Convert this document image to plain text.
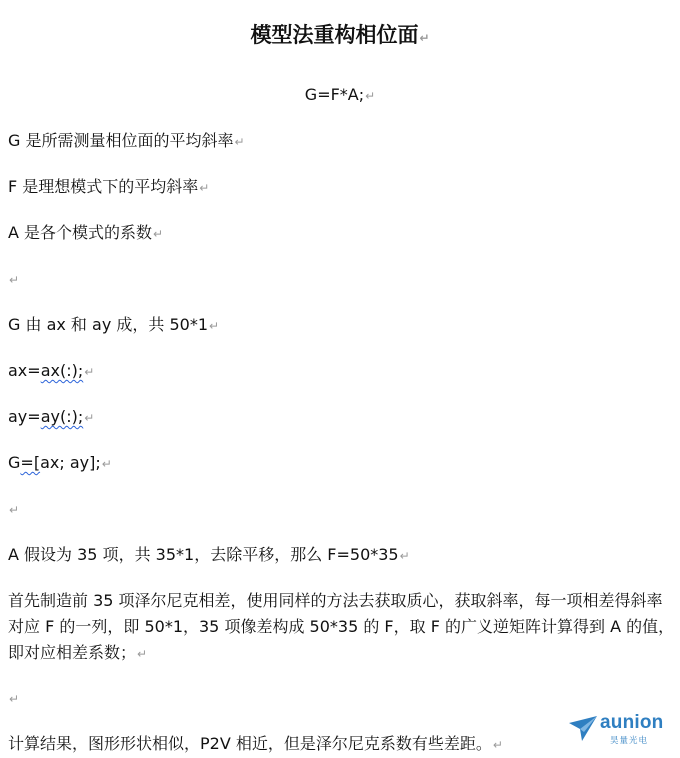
模型法重构相位面↵
G=F*A;↵
G 是所需测量相位面的平均斜率↵
F 是理想模式下的平均斜率↵
A 是各个模式的系数↵
↵
G 由 ax 和 ay 成，共 50*1↵
ax=ax(:);↵
ay=ay(:);↵
G=[ax; ay];↵
↵
A 假设为 35 项，共 35*1，去除平移，那么 F=50*35↵
首先制造前 35 项泽尔尼克相差，使用同样的方法去获取质心，获取斜率，每一项相差得斜率对应 F 的一列，即 50*1，35 项像差构成 50*35 的 F，取 F 的广义逆矩阵计算得到 A 的值，即对应相差系数；↵
↵
计算结果，图形形状相似，P2V 相近，但是泽尔尼克系数有些差距。↵
aunion
昊量光电
